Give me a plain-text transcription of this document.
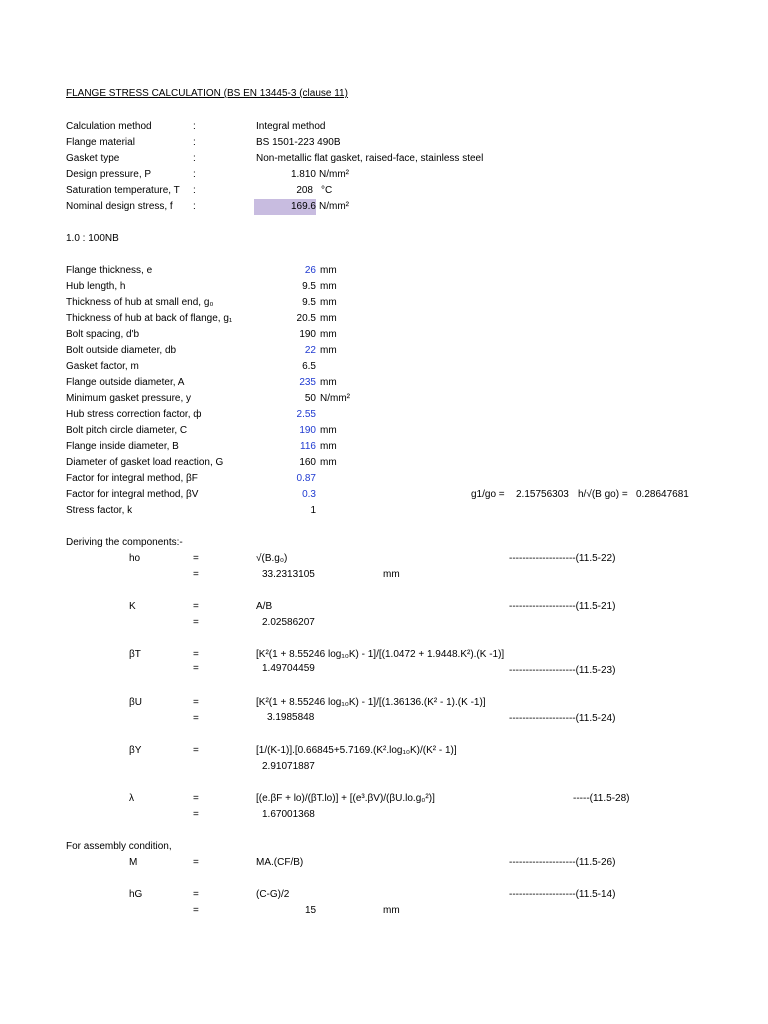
FLANGE STRESS CALCULATION (BS EN 13445-3 (clause 11)
Calculation method	:	Integral method
Flange material	:	BS 1501-223 490B
Gasket type	:	Non-metallic flat gasket, raised-face, stainless steel
Design pressure, P	:	1.810 N/mm²
Saturation temperature, T :	208 °C
Nominal design stress, f :	169.6 N/mm²
1.0 : 100NB
Flange thickness, e	26 mm
Hub length, h	9.5 mm
Thickness of hub at small end, g₀	9.5 mm
Thickness of hub at back of flange, g₁	20.5 mm
Bolt spacing, d'b	190 mm
Bolt outside diameter, db	22 mm
Gasket factor, m	6.5
Flange outside diameter, A	235 mm
Minimum gasket pressure, y	50 N/mm²
Hub stress correction factor, ф	2.55
Bolt pitch circle diameter, C	190 mm
Flange inside diameter, B	116 mm
Diameter of gasket load reaction, G	160 mm
Factor for integral method, βF	0.87
Factor for integral method, βV	0.3
Stress factor, k	1
g1/go = 2.15756303 h/√(B go) = 0.28647681
Deriving the components:-
ho	=	√(B.g₀)	--------------------(11.5-22)
=	33.2313105	mm
K	=	A/B	--------------------(11.5-21)
=	2.02586207
βT	=	[K²(1 + 8.55246 log₁₀K) - 1]/[(1.0472 + 1.9448.K²).(K -1)]
=	1.49704459	--------------------(11.5-23)
βU	=	[K²(1 + 8.55246 log₁₀K) - 1]/[(1.36136.(K² - 1).(K -1)]
=	3.1985848	--------------------(11.5-24)
βY	=	[1/(K-1)].[0.66845+5.7169.(K².log₁₀K)/(K² - 1)]
2.91071887
λ	=	[(e.βF + lo)/(βT.lo)] + [(e³.βV)/(βU.lo.g₀²)]	-----(11.5-28)
=	1.67001368
For assembly condition,
M	=	MA.(CF/B)	--------------------(11.5-26)
hG	=	(C-G)/2	--------------------(11.5-14)
=	15	mm
